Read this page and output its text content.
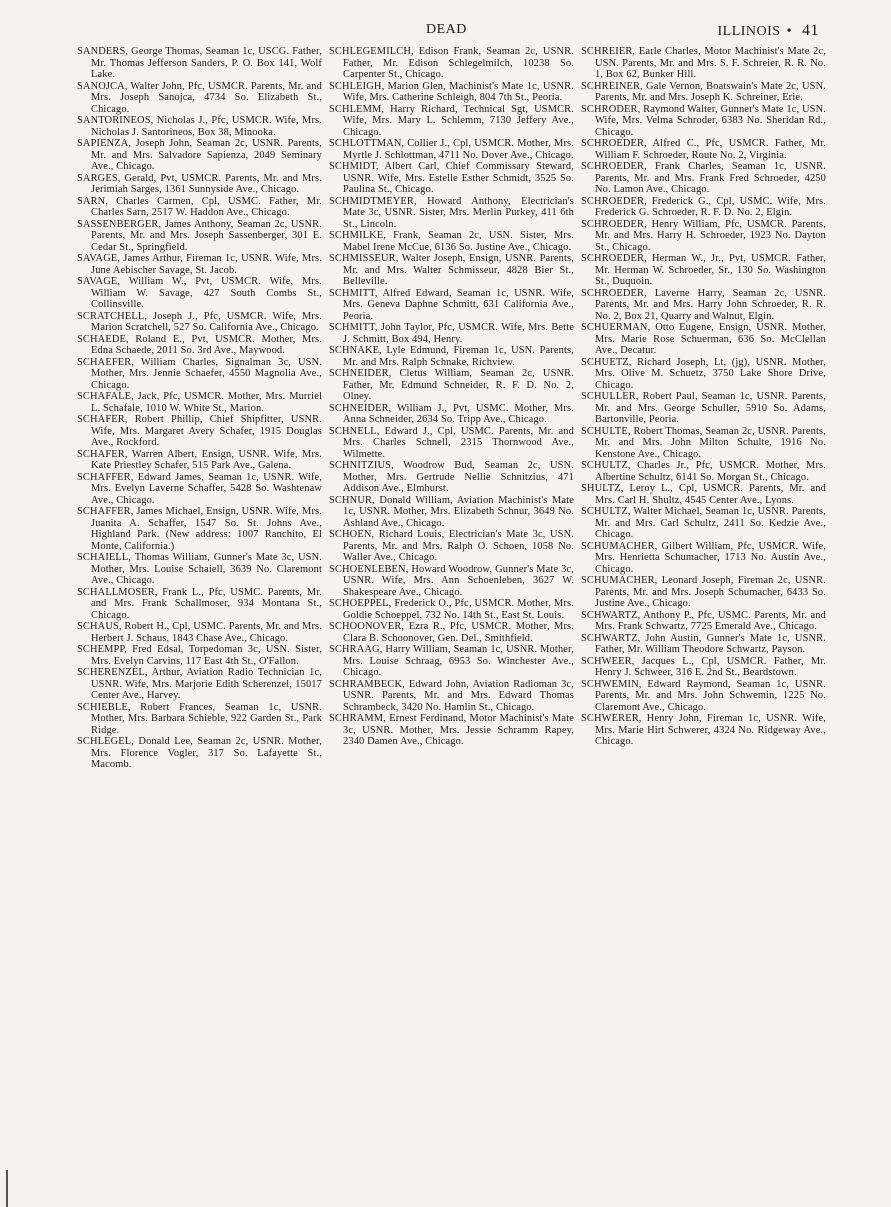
DEAD	ILLINOIS • 41

SANDERS, George Thomas, Seaman 1c, USCG. Father, Mr. Thomas Jefferson Sanders, P. O. Box 141, Wolf Lake.

SANOJCA, Walter John, Pfc, USMCR. Parents, Mr. and Mrs. Joseph Sanojca, 4734 So. Elizabeth St., Chicago.

SANTORINEOS, Nicholas J., Pfc, USMCR. Wife, Mrs. Nicholas J. Santorineos, Box 38, Minooka.

SAPIENZA, Joseph John, Seaman 2c, USNR. Parents, Mr. and Mrs. Salvadore Sapienza, 2049 Seminary Ave., Chicago.

SARGES, Gerald, Pvt, USMCR. Parents, Mr. and Mrs. Jerimiah Sarges, 1361 Sunnyside Ave., Chicago.

SARN, Charles Carmen, Cpl, USMC. Father, Mr. Charles Sarn, 2517 W. Haddon Ave., Chicago.

SASSENBERGER, James Anthony, Seaman 2c, USNR. Parents, Mr. and Mrs. Joseph Sassenberger, 301 E. Cedar St., Springfield.

SAVAGE, James Arthur, Fireman 1c, USNR. Wife, Mrs. June Aebischer Savage, St. Jacob.

SAVAGE, William W., Pvt, USMCR. Wife, Mrs. William W. Savage, 427 South Combs St., Collinsville.

SCRATCHELL, Joseph J., Pfc, USMCR. Wife, Mrs. Marion Scratchell, 527 So. California Ave., Chicago.

SCHAEDE, Roland E., Pvt, USMCR. Mother, Mrs. Edna Schaede, 2011 So. 3rd Ave., Maywood.

SCHAEFER, William Charles, Signalman 3c, USN. Mother, Mrs. Jennie Schaefer, 4550 Magnolia Ave., Chicago.

SCHAFALE, Jack, Pfc, USMCR. Mother, Mrs. Murriel L. Schafale, 1010 W. White St., Marion.

SCHAFER, Robert Phillip, Chief Shipfitter, USNR. Wife, Mrs. Margaret Avery Schafer, 1915 Douglas Ave., Rockford.

SCHAFER, Warren Albert, Ensign, USNR. Wife, Mrs. Kate Priestley Schafer, 515 Park Ave., Galena.

SCHAFFER, Edward James, Seaman 1c, USNR. Wife, Mrs. Evelyn Laverne Schaffer, 5428 So. Washtenaw Ave., Chicago.

SCHAFFER, James Michael, Ensign, USNR. Wife, Mrs. Juanita A. Schaffer, 1547 So. St. Johns Ave., Highland Park. (New address: 1007 Ranchito, El Monte, California.)

SCHAIELL, Thomas William, Gunner's Mate 3c, USN. Mother, Mrs. Louise Schaiell, 3639 No. Claremont Ave., Chicago.

SCHALLMOSER, Frank L., Pfc, USMC. Parents, Mr. and Mrs. Frank Schallmoser, 934 Montana St., Chicago.

SCHAUS, Robert H., Cpl, USMC. Parents, Mr. and Mrs. Herbert J. Schaus, 1843 Chase Ave., Chicago.

SCHEMPP, Fred Edsal, Torpedoman 3c, USN. Sister, Mrs. Evelyn Carvins, 117 East 4th St., O'Fallon.

SCHERENZEL, Arthur, Aviation Radio Technician 1c, USNR. Wife, Mrs. Marjorie Edith Scherenzel, 15017 Center Ave., Harvey.

SCHIEBLE, Robert Frances, Seaman 1c, USNR. Mother, Mrs. Barbara Schieble, 922 Garden St., Park Ridge.

SCHLEGEL, Donald Lee, Seaman 2c, USNR. Mother, Mrs. Florence Vogler, 317 So. Lafayette St., Macomb.

SCHLEGEMILCH, Edison Frank, Seaman 2c, USNR. Father, Mr. Edison Schlegelmilch, 10238 So. Carpenter St., Chicago.

SCHLEIGH, Marion Glen, Machinist's Mate 1c, USNR. Wife, Mrs. Catherine Schleigh, 804 7th St., Peoria.

SCHLEMM, Harry Richard, Technical Sgt, USMCR. Wife, Mrs. Mary L. Schlemm, 7130 Jeffery Ave., Chicago.

SCHLOTTMAN, Collier J., Cpl, USMCR. Mother, Mrs. Myrtle J. Schlottman, 4711 No. Dover Ave., Chicago.

SCHMIDT, Albert Carl, Chief Commissary Steward, USNR. Wife, Mrs. Estelle Esther Schmidt, 3525 So. Paulina St., Chicago.

SCHMIDTMEYER, Howard Anthony, Electrician's Mate 3c, USNR. Sister, Mrs. Merlin Purkey, 411 6th St., Lincoln.

SCHMILKE, Frank, Seaman 2c, USN. Sister, Mrs. Mabel Irene McCue, 6136 So. Justine Ave., Chicago.

SCHMISSEUR, Walter Joseph, Ensign, USNR. Parents, Mr. and Mrs. Walter Schmisseur, 4828 Bier St., Belleville.

SCHMITT, Alfred Edward, Seaman 1c, USNR. Wife, Mrs. Geneva Daphne Schmitt, 631 California Ave., Peoria.

SCHMITT, John Taylor, Pfc, USMCR. Wife, Mrs. Bette J. Schmitt, Box 494, Henry.

SCHNAKE, Lyle Edmund, Fireman 1c, USN. Parents, Mr. and Mrs. Ralph Schnake, Richview.

SCHNEIDER, Cletus William, Seaman 2c, USNR. Father, Mr. Edmund Schneider, R. F. D. No. 2, Olney.

SCHNEIDER, William J., Pvt, USMC. Mother, Mrs. Anna Schneider, 2634 So. Tripp Ave., Chicago.

SCHNELL, Edward J., Cpl, USMC. Parents, Mr. and Mrs. Charles Schnell, 2315 Thornwood Ave., Wilmette.

SCHNITZIUS, Woodrow Bud, Seaman 2c, USN. Mother, Mrs. Gertrude Nellie Schnitzius, 471 Addison Ave., Elmhurst.

SCHNUR, Donald William, Aviation Machinist's Mate 1c, USNR. Mother, Mrs. Elizabeth Schnur, 3649 No. Ashland Ave., Chicago.

SCHOEN, Richard Louis, Electrician's Mate 3c, USN. Parents, Mr. and Mrs. Ralph O. Schoen, 1058 No. Waller Ave., Chicago.

SCHOENLEBEN, Howard Woodrow, Gunner's Mate 3c, USNR. Wife, Mrs. Ann Schoenleben, 3627 W. Shakespeare Ave., Chicago.

SCHOEPPEL, Frederick O., Pfc, USMCR. Mother, Mrs. Goldie Schoeppel, 732 No. 14th St., East St. Louis.

SCHOONOVER, Ezra R., Pfc, USMCR. Mother, Mrs. Clara B. Schoonover, Gen. Del., Smithfield.

SCHRAAG, Harry William, Seaman 1c, USNR. Mother, Mrs. Louise Schraag, 6953 So. Winchester Ave., Chicago.

SCHRAMBECK, Edward John, Aviation Radioman 3c, USNR. Parents, Mr. and Mrs. Edward Thomas Schrambeck, 3420 No. Hamlin St., Chicago.

SCHRAMM, Ernest Ferdinand, Motor Machinist's Mate 3c, USNR. Mother, Mrs. Jessie Schramm Rapey, 2340 Damen Ave., Chicago.

SCHREIER, Earle Charles, Motor Machinist's Mate 2c, USN. Parents, Mr. and Mrs. S. F. Schreier, R. R. No. 1, Box 62, Bunker Hill.

SCHREINER, Gale Vernon, Boatswain's Mate 2c, USN. Parents, Mr. and Mrs. Joseph K. Schreiner, Erie.

SCHRODER, Raymond Walter, Gunner's Mate 1c, USN. Wife, Mrs. Velma Schroder, 6383 No. Sheridan Rd., Chicago.

SCHROEDER, Alfred C., Pfc, USMCR. Father, Mr. William F. Schroeder, Route No. 2, Virginia.

SCHROEDER, Frank Charles, Seaman 1c, USNR. Parents, Mr. and Mrs. Frank Fred Schroeder, 4250 No. Lamon Ave., Chicago.

SCHROEDER, Frederick G., Cpl, USMC. Wife, Mrs. Frederick G. Schroeder, R. F. D. No. 2, Elgin.

SCHROEDER, Henry William, Pfc, USMCR. Parents, Mr. and Mrs. Harry H. Schroeder, 1923 No. Dayton St., Chicago.

SCHROEDER, Herman W., Jr., Pvt, USMCR. Father, Mr. Herman W. Schroeder, Sr., 130 So. Washington St., Duquoin.

SCHROEDER, Laverne Harry, Seaman 2c, USNR. Parents, Mr. and Mrs. Harry John Schroeder, R. R. No. 2, Box 21, Quarry and Walnut, Elgin.

SCHUERMAN, Otto Eugene, Ensign, USNR. Mother, Mrs. Marie Rose Schuerman, 636 So. McClellan Ave., Decatur.

SCHUETZ, Richard Joseph, Lt, (jg), USNR. Mother, Mrs. Olive M. Schuetz, 3750 Lake Shore Drive, Chicago.

SCHULLER, Robert Paul, Seaman 1c, USNR. Parents, Mr. and Mrs. George Schuller, 5910 So. Adams, Bartonville, Peoria.

SCHULTE, Robert Thomas, Seaman 2c, USNR. Parents, Mr. and Mrs. John Milton Schulte, 1916 No. Kenstone Ave., Chicago.

SCHULTZ, Charles Jr., Pfc, USMCR. Mother, Mrs. Albertine Schultz, 6141 So. Morgan St., Chicago.

SHULTZ, Leroy L., Cpl, USMCR. Parents, Mr. and Mrs. Carl H. Shultz, 4545 Center Ave., Lyons.

SCHULTZ, Walter Michael, Seaman 1c, USNR. Parents, Mr. and Mrs. Carl Schultz, 2411 So. Kedzie Ave., Chicago.

SCHUMACHER, Gilbert William, Pfc, USMCR. Wife, Mrs. Henrietta Schumacher, 1713 No. Austin Ave., Chicago.

SCHUMACHER, Leonard Joseph, Fireman 2c, USNR. Parents, Mr. and Mrs. Joseph Schumacher, 6433 So. Justine Ave., Chicago.

SCHWARTZ, Anthony P., Pfc, USMC. Parents, Mr. and Mrs. Frank Schwartz, 7725 Emerald Ave., Chicago.

SCHWARTZ, John Austin, Gunner's Mate 1c, USNR. Father, Mr. William Theodore Schwartz, Payson.

SCHWEER, Jacques L., Cpl, USMCR. Father, Mr. Henry J. Schweer, 316 E. 2nd St., Beardstown.

SCHWEMIN, Edward Raymond, Seaman 1c, USNR. Parents, Mr. and Mrs. John Schwemin, 1225 No. Claremont Ave., Chicago.

SCHWERER, Henry John, Fireman 1c, USNR. Wife, Mrs. Marie Hirt Schwerer, 4324 No. Ridgeway Ave., Chicago.
